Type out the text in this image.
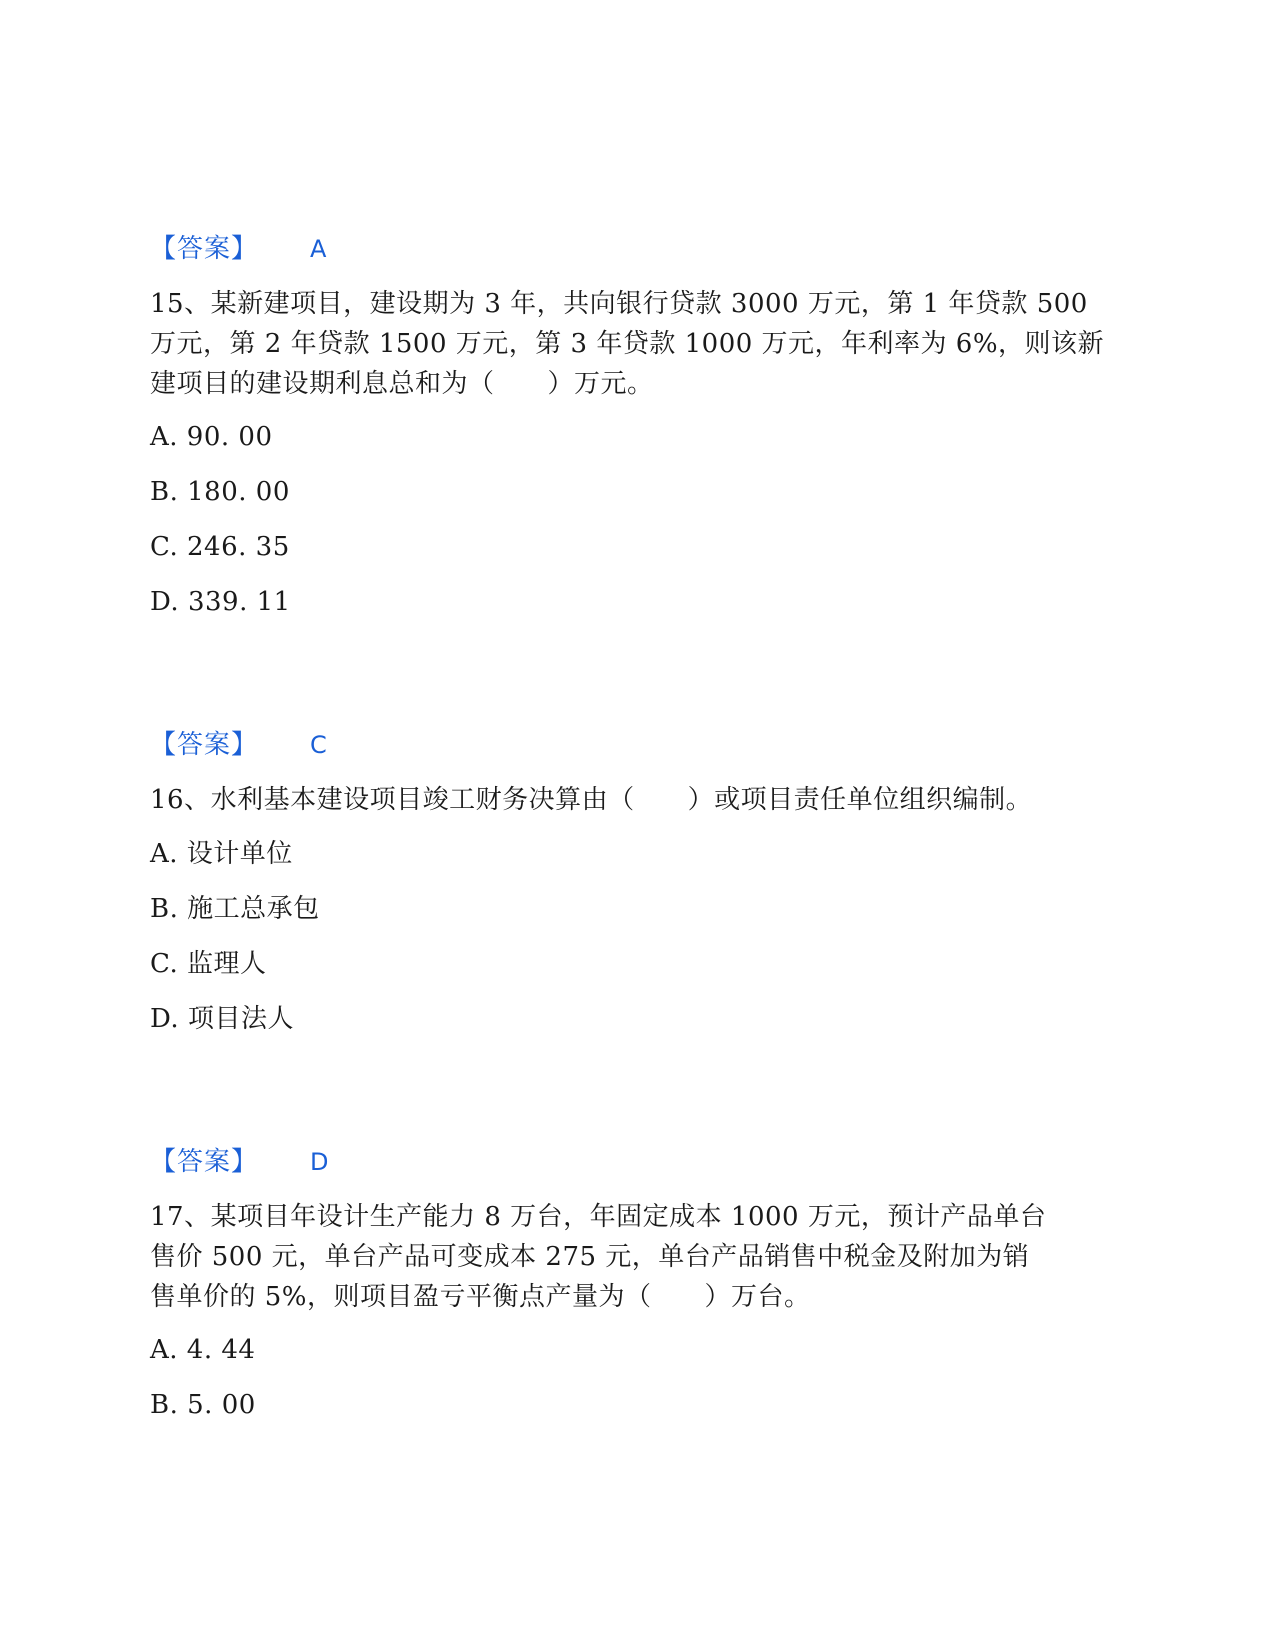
【答案】 A
15、某新建项目，建设期为 3 年，共向银行贷款 3000 万元，第 1 年贷款 500
万元，第 2 年贷款 1500 万元，第 3 年贷款 1000 万元，年利率为 6%，则该新
建项目的建设期利息总和为（　　）万元。
A. 90. 00
B. 180. 00
C. 246. 35
D. 339. 11
【答案】 C
16、水利基本建设项目竣工财务决算由（　　）或项目责任单位组织编制。
A. 设计单位
B. 施工总承包
C. 监理人
D. 项目法人
【答案】 D
17、某项目年设计生产能力 8 万台，年固定成本 1000 万元，预计产品单台
售价 500 元，单台产品可变成本 275 元，单台产品销售中税金及附加为销
售单价的 5%，则项目盈亏平衡点产量为（　　）万台。
A. 4. 44
B. 5. 00
